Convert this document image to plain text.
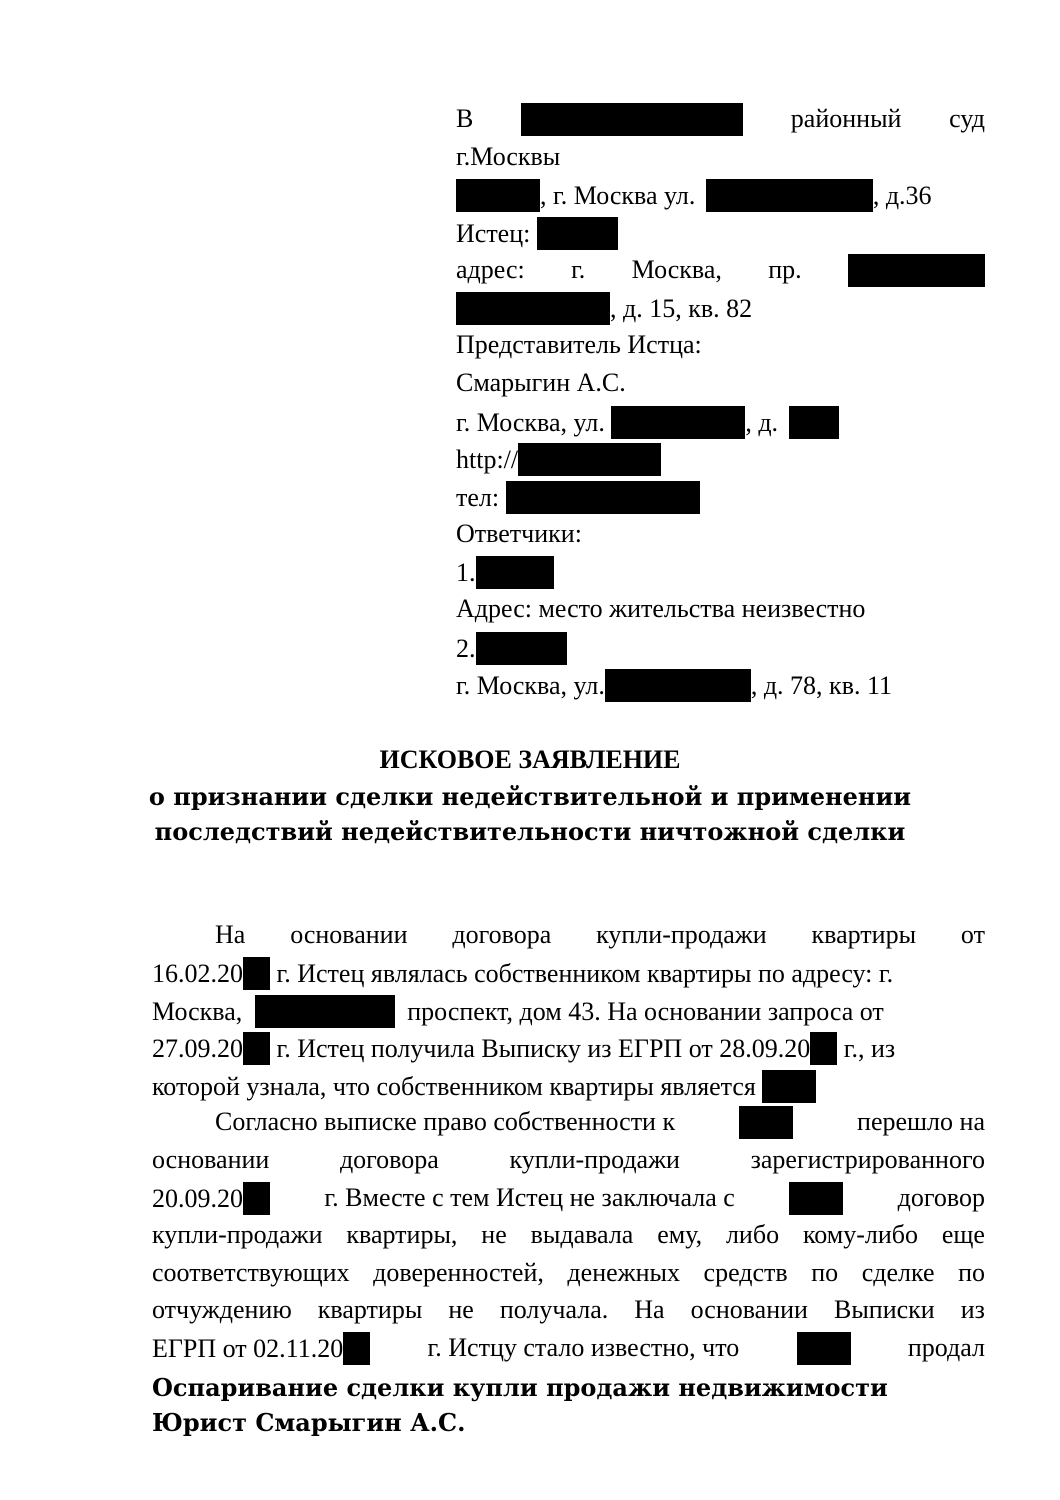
В	районный суд
г.Москвы
, г. Москва ул.	, д.36
Истец:
адрес: г. Москва, пр.
, д. 15, кв. 82
Представитель Истца:
Смарыгин А.С.
г. Москва, ул.	, д.
http://
тел:
Ответчики:
1.
Адрес: место жительства неизвестно
2.
г. Москва, ул.	, д. 78, кв. 11
ИСКОВОЕ ЗАЯВЛЕНИЕ
о признании сделки недействительной и применении
последствий недействительности ничтожной сделки
На основании договора купли-продажи квартиры от
16.02.20 г. Истец являлась собственником квартиры по адресу: г.
Москва,	проспект, дом 43. На основании запроса от
27.09.20 г. Истец получила Выписку из ЕГРП от 28.09.20 г., из
которой узнала, что собственником квартиры является
Согласно выписке право собственности к	перешло на
основании	договора	купли-продажи	зарегистрированного
20.09.20	г. Вместе с тем Истец не заключала с	договор
купли-продажи квартиры, не выдавала ему, либо кому-либо еще
соответствующих доверенностей, денежных средств по сделке по
отчуждению квартиры не получала. На основании Выписки из
ЕГРП от 02.11.20	г. Истцу стало известно, что	продал
Оспаривание сделки купли продажи недвижимости
Юрист Смарыгин А.С.
